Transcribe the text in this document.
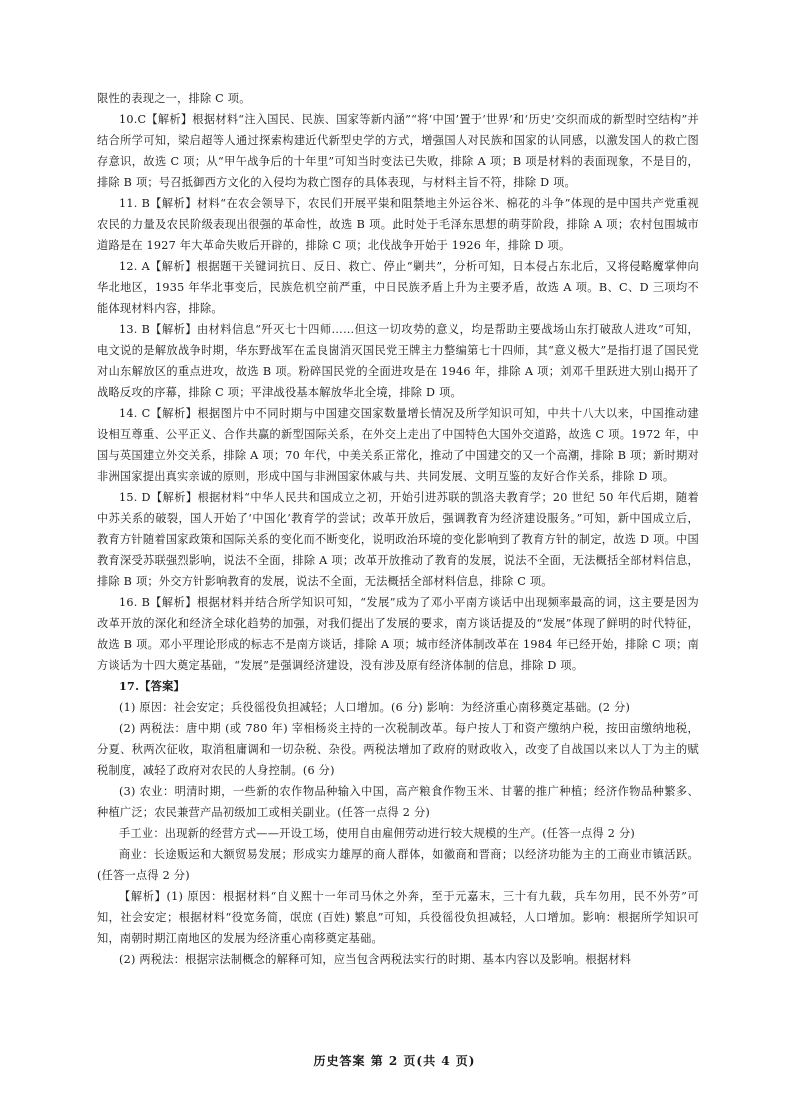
限性的表现之一，排除 C 项。

10.C【解析】根据材料“注入国民、民族、国家等新内涵”“将‘中国’置于‘世界’和‘历史’交织而成的新型时空结构”并结合所学可知，梁启超等人通过探索构建近代新型史学的方式，增强国人对民族和国家的认同感，以激发国人的救亡图存意识，故选 C 项；从“甲午战争后的十年里”可知当时变法已失败，排除 A 项；B 项是材料的表面现象，不是目的，排除 B 项；号召抵御西方文化的入侵均为救亡图存的具体表现，与材料主旨不符，排除 D 项。

11. B【解析】材料“在农会领导下，农民们开展平粜和阻禁地主外运谷米、棉花的斗争”体现的是中国共产党重视农民的力量及农民阶级表现出很强的革命性，故选 B 项。此时处于毛泽东思想的萌芽阶段，排除 A 项；农村包围城市道路是在 1927 年大革命失败后开辟的，排除 C 项；北伐战争开始于 1926 年，排除 D 项。

12. A【解析】根据题干关键词抗日、反日、救亡、停止“剿共”，分析可知，日本侵占东北后，又将侵略魔掌伸向华北地区，1935 年华北事变后，民族危机空前严重，中日民族矛盾上升为主要矛盾，故选 A 项。B、C、D 三项均不能体现材料内容，排除。

13. B【解析】由材料信息“歼灭七十四师……但这一切攻势的意义，均是帮助主要战场山东打破敌人进攻”可知，电文说的是解放战争时期，华东野战军在孟良崮消灭国民党王牌主力整编第七十四师，其“意义极大”是指打退了国民党对山东解放区的重点进攻，故选 B 项。粉碎国民党的全面进攻是在 1946 年，排除 A 项；刘邓千里跃进大别山揭开了战略反攻的序幕，排除 C 项；平津战役基本解放华北全境，排除 D 项。

14. C【解析】根据图片中不同时期与中国建交国家数量增长情况及所学知识可知，中共十八大以来，中国推动建设相互尊重、公平正义、合作共赢的新型国际关系，在外交上走出了中国特色大国外交道路，故选 C 项。1972 年，中国与英国建立外交关系，排除 A 项；70 年代，中美关系正常化，推动了中国建交的又一个高潮，排除 B 项；新时期对非洲国家提出真实亲诚的原则，形成中国与非洲国家休戚与共、共同发展、文明互鉴的友好合作关系，排除 D 项。

15. D【解析】根据材料“中华人民共和国成立之初，开始引进苏联的凯洛夫教育学；20 世纪 50 年代后期，随着中苏关系的破裂，国人开始了‘中国化’教育学的尝试；改革开放后，强调教育为经济建设服务。”可知，新中国成立后，教育方针随着国家政策和国际关系的变化而不断变化，说明政治环境的变化影响到了教育方针的制定，故选 D 项。中国教育深受苏联强烈影响，说法不全面，排除 A 项；改革开放推动了教育的发展，说法不全面，无法概括全部材料信息，排除 B 项；外交方针影响教育的发展，说法不全面，无法概括全部材料信息，排除 C 项。

16. B【解析】根据材料并结合所学知识可知，“发展”成为了邓小平南方谈话中出现频率最高的词，这主要是因为改革开放的深化和经济全球化趋势的加强，对我们提出了发展的要求，南方谈话提及的“发展”体现了鲜明的时代特征，故选 B 项。邓小平理论形成的标志不是南方谈话，排除 A 项；城市经济体制改革在 1984 年已经开始，排除 C 项；南方谈话为十四大奠定基础，“发展”是强调经济建设，没有涉及原有经济体制的信息，排除 D 项。

17.【答案】

(1) 原因：社会安定；兵役徭役负担减轻；人口增加。(6 分) 影响：为经济重心南移奠定基础。(2 分)

(2) 两税法：唐中期 (或 780 年) 宰相杨炎主持的一次税制改革。每户按人丁和资产缴纳户税，按田亩缴纳地税，分夏、秋两次征收，取消租庸调和一切杂税、杂役。两税法增加了政府的财政收入，改变了自战国以来以人丁为主的赋税制度，减轻了政府对农民的人身控制。(6 分)

(3) 农业：明清时期，一些新的农作物品种输入中国，高产粮食作物玉米、甘薯的推广种植；经济作物品种繁多、种植广泛；农民兼营产品初级加工或相关副业。(任答一点得 2 分)

手工业：出现新的经营方式——开设工场，使用自由雇佣劳动进行较大规模的生产。(任答一点得 2 分)

商业：长途贩运和大额贸易发展；形成实力雄厚的商人群体，如徽商和晋商；以经济功能为主的工商业市镇活跃。(任答一点得 2 分)

【解析】(1) 原因：根据材料“自义熙十一年司马休之外奔，至于元嘉末，三十有九载，兵车勿用，民不外劳”可知，社会安定；根据材料“役宽务简，氓庶 (百姓) 繁息”可知，兵役徭役负担减轻，人口增加。影响：根据所学知识可知，南朝时期江南地区的发展为经济重心南移奠定基础。

(2) 两税法：根据宗法制概念的解释可知，应当包含两税法实行的时期、基本内容以及影响。根据材料

历史答案 第 2 页(共 4 页)
